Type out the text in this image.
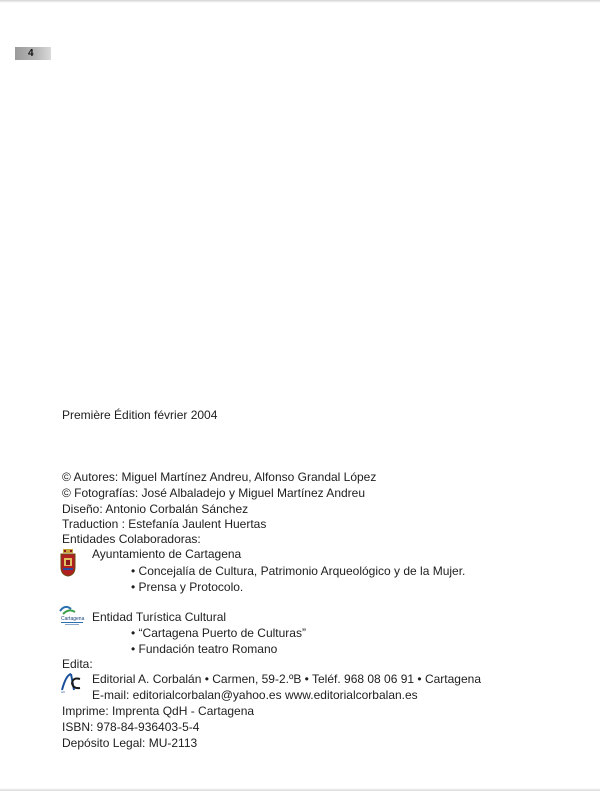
4
Première Édition février 2004
© Autores: Miguel Martínez Andreu, Alfonso Grandal López
© Fotografías: José Albaladejo y Miguel Martínez Andreu
Diseño: Antonio Corbalán Sánchez
Traduction : Estefanía Jaulent Huertas
Entidades Colaboradoras:
Ayuntamiento de Cartagena
• Concejalía de Cultura, Patrimonio Arqueológico y de la Mujer.
• Prensa y Protocolo.
Cartagena Entidad Turística Cultural
• “Cartagena Puerto de Culturas”
• Fundación teatro Romano
Edita:
AC
Editorial A. Corbalán • Carmen, 59-2.ºB • Teléf. 968 08 06 91 • Cartagena
E-mail: editorialcorbalan@yahoo.es www.editorialcorbalan.es
Imprime: Imprenta QdH - Cartagena
ISBN: 978-84-936403-5-4
Depósito Legal: MU-2113
